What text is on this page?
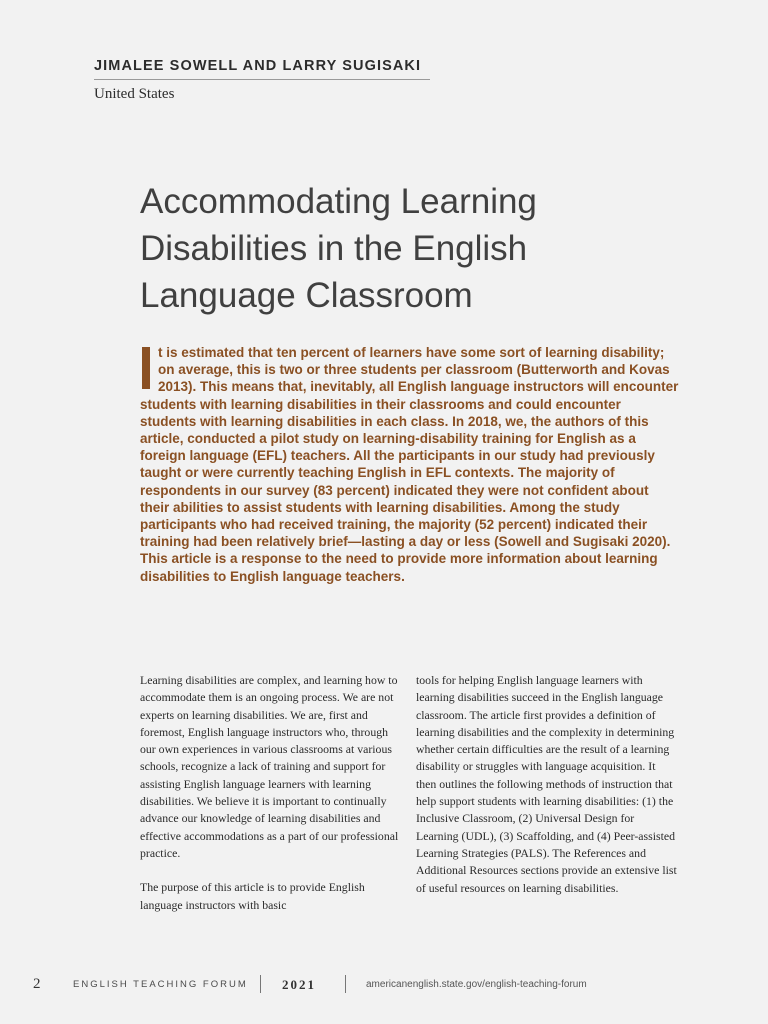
JIMALEE SOWELL AND LARRY SUGISAKI
United States
Accommodating Learning Disabilities in the English Language Classroom
t is estimated that ten percent of learners have some sort of learning disability; on average, this is two or three students per classroom (Butterworth and Kovas 2013). This means that, inevitably, all English language instructors will encounter students with learning disabilities in their classrooms and could encounter students with learning disabilities in each class. In 2018, we, the authors of this article, conducted a pilot study on learning-disability training for English as a foreign language (EFL) teachers. All the participants in our study had previously taught or were currently teaching English in EFL contexts. The majority of respondents in our survey (83 percent) indicated they were not confident about their abilities to assist students with learning disabilities. Among the study participants who had received training, the majority (52 percent) indicated their training had been relatively brief—lasting a day or less (Sowell and Sugisaki 2020). This article is a response to the need to provide more information about learning disabilities to English language teachers.

Learning disabilities are complex, and learning how to accommodate them is an ongoing process. We are not experts on learning disabilities. We are, first and foremost, English language instructors who, through our own experiences in various classrooms at various schools, recognize a lack of training and support for assisting English language learners with learning disabilities. We believe it is important to continually advance our knowledge of learning disabilities and effective accommodations as a part of our professional practice.

The purpose of this article is to provide English language instructors with basic

tools for helping English language learners with learning disabilities succeed in the English language classroom. The article first provides a definition of learning disabilities and the complexity in determining whether certain difficulties are the result of a learning disability or struggles with language acquisition. It then outlines the following methods of instruction that help support students with learning disabilities: (1) the Inclusive Classroom, (2) Universal Design for Learning (UDL), (3) Scaffolding, and (4) Peer-assisted Learning Strategies (PALS). The References and Additional Resources sections provide an extensive list of useful resources on learning disabilities.

2	ENGLISH TEACHING FORUM	2021	americanenglish.state.gov/english-teaching-forum
